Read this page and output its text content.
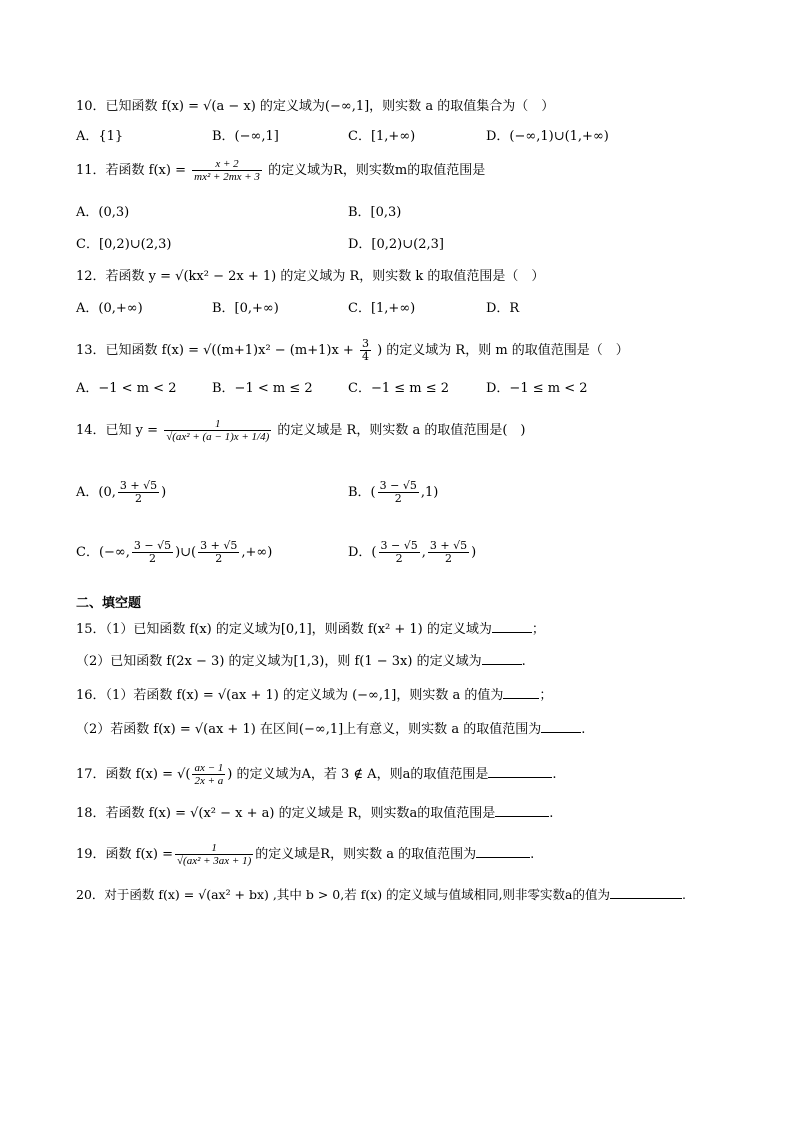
10．已知函数 f(x) = √(a − x) 的定义域为(−∞,1]，则实数 a 的取值集合为（　）
A．{1}	B．(−∞,1]	C．[1,+∞)	D．(−∞,1)∪(1,+∞)
11．若函数 $f(x) = \frac{x + 2}{\text{mx² + 2mx + 3}}$ 的定义域为R，则实数m的取值范围是
A．(0,3)	B．[0,3)
C．[0,2)∪(2,3)	D．[0,2)∪(2,3]
12．若函数 y = √(kx² − 2x + 1) 的定义域为 R，则实数 k 的取值范围是（　）
A．(0,+∞)	B．[0,+∞)	C．[1,+∞)	D．R
13．已知函数 $f(x) = √((m+1)x^2 - (m+1)x + \frac{3}{4}$ ) 的定义域为 R，则 m 的取值范围是（　）
A．−1 < m < 2	B．−1 < m ≤ 2	C．−1 ≤ m ≤ 2	D．−1 ≤ m < 2
14．已知 $y = \frac{1}{\text{√(ax² + (a − 1)x + 1/4)}}$ 的定义域是 R，则实数 a 的取值范围是(　)
A．(0, $\frac{3 + √5}{2}$ )	B．( $\frac{3 - √5}{2} ,1$)
C．(−∞, $\frac{3 - √5}{2}$ )∪( $\frac{3 + √5}{2}$ ,+∞)	D．( $\frac{3 - √5}{2}$ , $\frac{3 + √5}{2}$ )
二、填空题
15．（1）已知函数 f(x) 的定义域为[0,1]，则函数 f(x² + 1) 的定义域为	；
（2）已知函数 f(2x − 3) 的定义域为[1,3)，则 f(1 − 3x) 的定义域为	.
16．（1）若函数 f(x) = √(ax + 1) 的定义域为 (−∞,1]，则实数 a 的值为	；
（2）若函数 f(x) = √(ax + 1) 在区间(−∞,1]上有意义，则实数 a 的取值范围为	.
17．函数 f(x) = √( $\frac{ax - 1}{2x + a}$ ) 的定义域为A，若 3 ∉ A，则a的取值范围是	.
18．若函数 f(x) = √(x² − x + a) 的定义域是 R，则实数a的取值范围是	.
19．函数 $f(x) = \frac{1}{\text{√(ax² + 3ax + 1)}}$ 的定义域是R，则实数 a 的取值范围为	.
20．对于函数 f(x) = √(ax² + bx) ,其中 b > 0,若 f(x) 的定义域与值域相同,则非零实数a的值为	.
